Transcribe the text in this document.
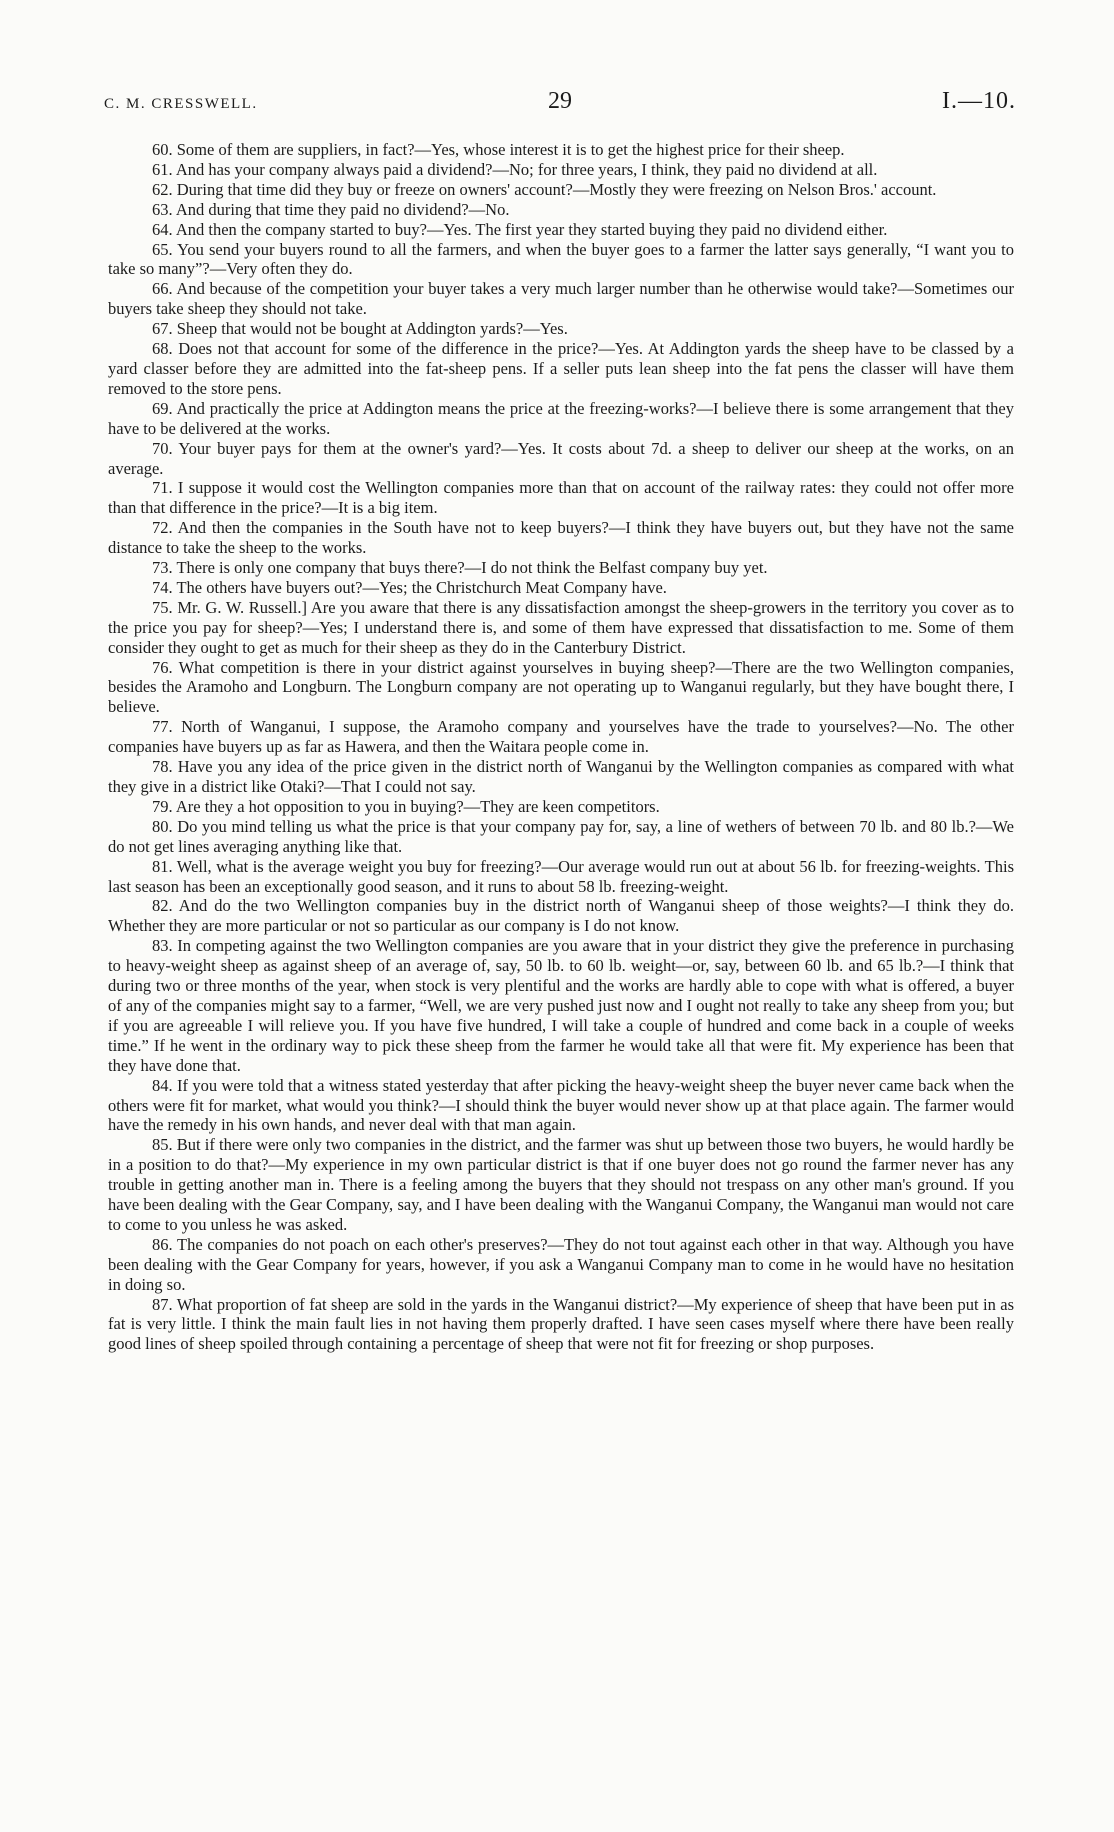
C. M. CRESSWELL.	29	I.—10.

60. Some of them are suppliers, in fact?—Yes, whose interest it is to get the highest price for their sheep.

61. And has your company always paid a dividend?—No; for three years, I think, they paid no dividend at all.

62. During that time did they buy or freeze on owners' account?—Mostly they were freezing on Nelson Bros.' account.

63. And during that time they paid no dividend?—No.

64. And then the company started to buy?—Yes. The first year they started buying they paid no dividend either.

65. You send your buyers round to all the farmers, and when the buyer goes to a farmer the latter says generally, “I want you to take so many”?—Very often they do.

66. And because of the competition your buyer takes a very much larger number than he otherwise would take?—Sometimes our buyers take sheep they should not take.

67. Sheep that would not be bought at Addington yards?—Yes.

68. Does not that account for some of the difference in the price?—Yes. At Addington yards the sheep have to be classed by a yard classer before they are admitted into the fat-sheep pens. If a seller puts lean sheep into the fat pens the classer will have them removed to the store pens.

69. And practically the price at Addington means the price at the freezing-works?—I believe there is some arrangement that they have to be delivered at the works.

70. Your buyer pays for them at the owner's yard?—Yes. It costs about 7d. a sheep to deliver our sheep at the works, on an average.

71. I suppose it would cost the Wellington companies more than that on account of the railway rates: they could not offer more than that difference in the price?—It is a big item.

72. And then the companies in the South have not to keep buyers?—I think they have buyers out, but they have not the same distance to take the sheep to the works.

73. There is only one company that buys there?—I do not think the Belfast company buy yet.

74. The others have buyers out?—Yes; the Christchurch Meat Company have.

75. Mr. G. W. Russell.] Are you aware that there is any dissatisfaction amongst the sheep-growers in the territory you cover as to the price you pay for sheep?—Yes; I understand there is, and some of them have expressed that dissatisfaction to me. Some of them consider they ought to get as much for their sheep as they do in the Canterbury District.

76. What competition is there in your district against yourselves in buying sheep?—There are the two Wellington companies, besides the Aramoho and Longburn. The Longburn company are not operating up to Wanganui regularly, but they have bought there, I believe.

77. North of Wanganui, I suppose, the Aramoho company and yourselves have the trade to yourselves?—No. The other companies have buyers up as far as Hawera, and then the Waitara people come in.

78. Have you any idea of the price given in the district north of Wanganui by the Wellington companies as compared with what they give in a district like Otaki?—That I could not say.

79. Are they a hot opposition to you in buying?—They are keen competitors.

80. Do you mind telling us what the price is that your company pay for, say, a line of wethers of between 70 lb. and 80 lb.?—We do not get lines averaging anything like that.

81. Well, what is the average weight you buy for freezing?—Our average would run out at about 56 lb. for freezing-weights. This last season has been an exceptionally good season, and it runs to about 58 lb. freezing-weight.

82. And do the two Wellington companies buy in the district north of Wanganui sheep of those weights?—I think they do. Whether they are more particular or not so particular as our company is I do not know.

83. In competing against the two Wellington companies are you aware that in your district they give the preference in purchasing to heavy-weight sheep as against sheep of an average of, say, 50 lb. to 60 lb. weight—or, say, between 60 lb. and 65 lb.?—I think that during two or three months of the year, when stock is very plentiful and the works are hardly able to cope with what is offered, a buyer of any of the companies might say to a farmer, “Well, we are very pushed just now and I ought not really to take any sheep from you; but if you are agreeable I will relieve you. If you have five hundred, I will take a couple of hundred and come back in a couple of weeks time.” If he went in the ordinary way to pick these sheep from the farmer he would take all that were fit. My experience has been that they have done that.

84. If you were told that a witness stated yesterday that after picking the heavy-weight sheep the buyer never came back when the others were fit for market, what would you think?—I should think the buyer would never show up at that place again. The farmer would have the remedy in his own hands, and never deal with that man again.

85. But if there were only two companies in the district, and the farmer was shut up between those two buyers, he would hardly be in a position to do that?—My experience in my own particular district is that if one buyer does not go round the farmer never has any trouble in getting another man in. There is a feeling among the buyers that they should not trespass on any other man's ground. If you have been dealing with the Gear Company, say, and I have been dealing with the Wanganui Company, the Wanganui man would not care to come to you unless he was asked.

86. The companies do not poach on each other's preserves?—They do not tout against each other in that way. Although you have been dealing with the Gear Company for years, however, if you ask a Wanganui Company man to come in he would have no hesitation in doing so.

87. What proportion of fat sheep are sold in the yards in the Wanganui district?—My experience of sheep that have been put in as fat is very little. I think the main fault lies in not having them properly drafted. I have seen cases myself where there have been really good lines of sheep spoiled through containing a percentage of sheep that were not fit for freezing or shop purposes.
